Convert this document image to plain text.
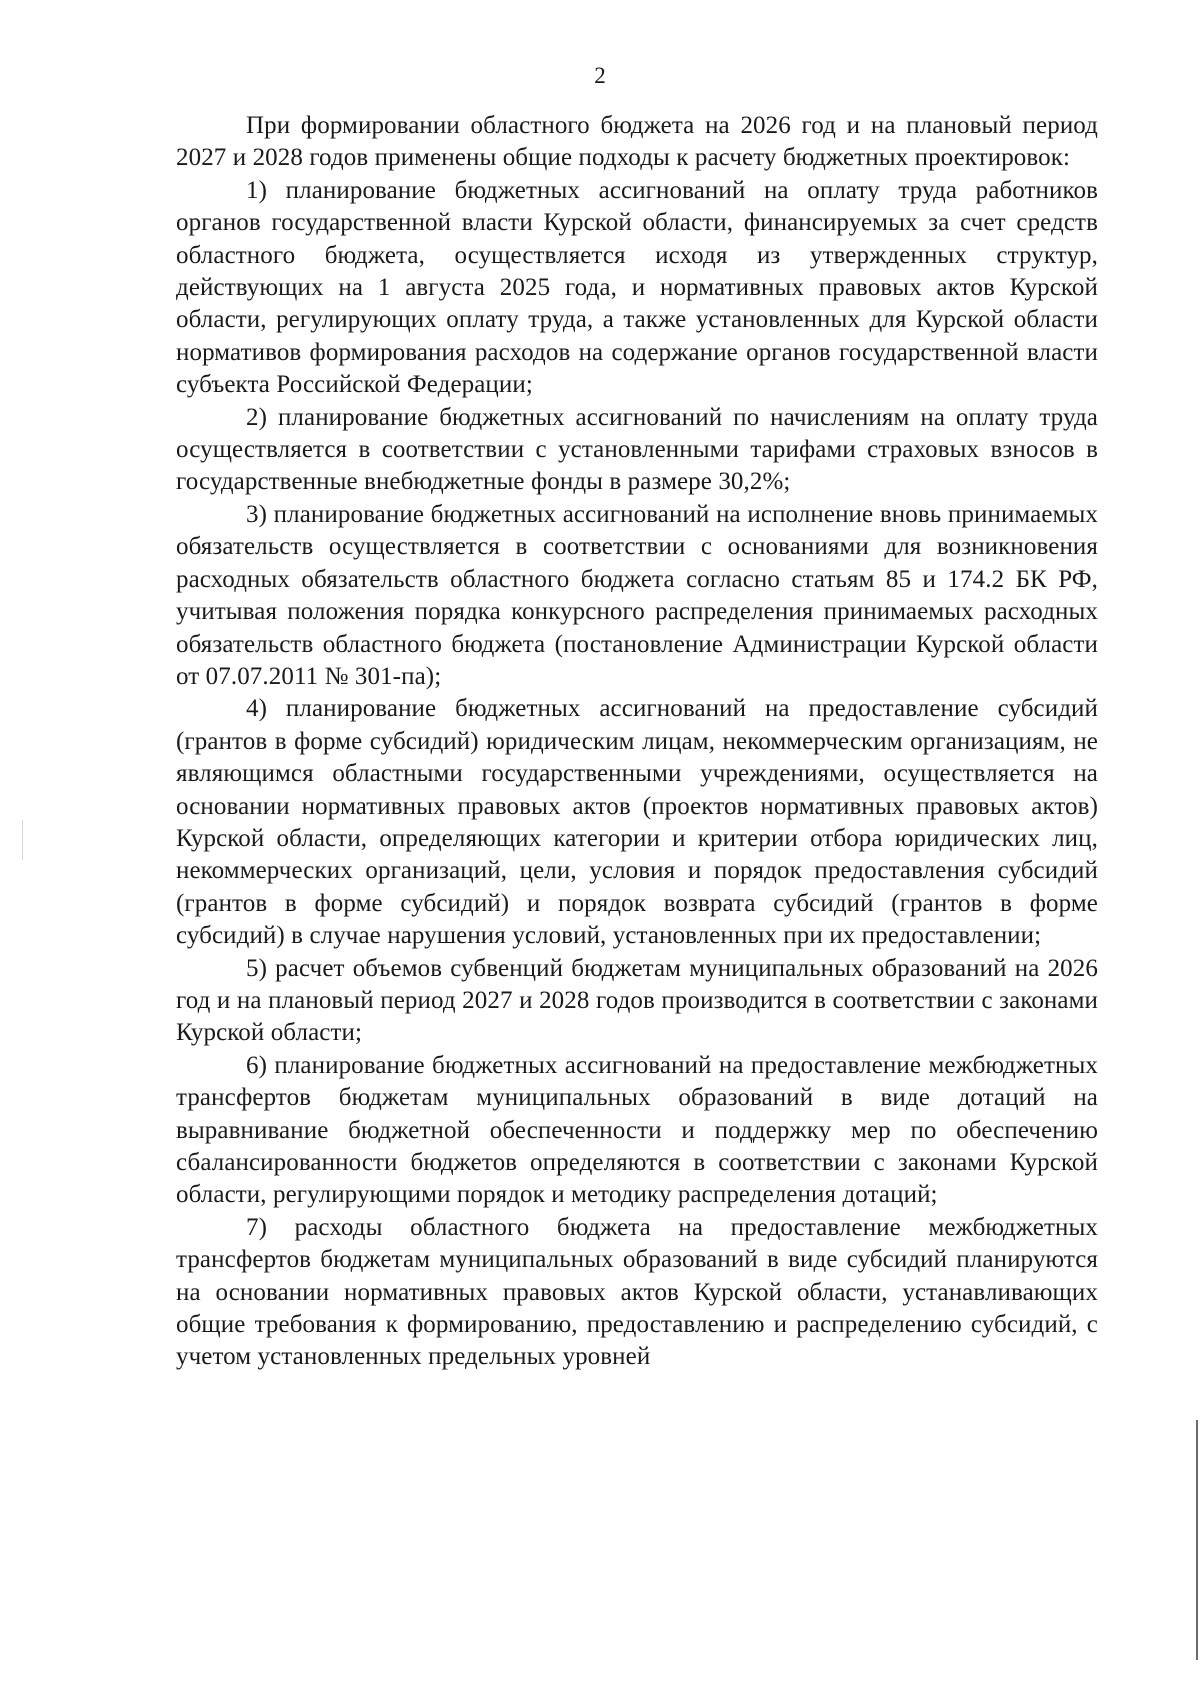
2

При формировании областного бюджета на 2026 год и на плановый период 2027 и 2028 годов применены общие подходы к расчету бюджетных проектировок:

1) планирование бюджетных ассигнований на оплату труда работников органов государственной власти Курской области, финансируемых за счет средств областного бюджета, осуществляется исходя из утвержденных структур, действующих на 1 августа 2025 года, и нормативных правовых актов Курской области, регулирующих оплату труда, а также установленных для Курской области нормативов формирования расходов на содержание органов государственной власти субъекта Российской Федерации;

2) планирование бюджетных ассигнований по начислениям на оплату труда осуществляется в соответствии с установленными тарифами страховых взносов в государственные внебюджетные фонды в размере 30,2%;

3) планирование бюджетных ассигнований на исполнение вновь принимаемых обязательств осуществляется в соответствии с основаниями для возникновения расходных обязательств областного бюджета согласно статьям 85 и 174.2 БК РФ, учитывая положения порядка конкурсного распределения принимаемых расходных обязательств областного бюджета (постановление Администрации Курской области от 07.07.2011 № 301-па);

4) планирование бюджетных ассигнований на предоставление субсидий (грантов в форме субсидий) юридическим лицам, некоммерческим организациям, не являющимся областными государственными учреждениями, осуществляется на основании нормативных правовых актов (проектов нормативных правовых актов) Курской области, определяющих категории и критерии отбора юридических лиц, некоммерческих организаций, цели, условия и порядок предоставления субсидий (грантов в форме субсидий) и порядок возврата субсидий (грантов в форме субсидий) в случае нарушения условий, установленных при их предоставлении;

5) расчет объемов субвенций бюджетам муниципальных образований на 2026 год и на плановый период 2027 и 2028 годов производится в соответствии с законами Курской области;

6) планирование бюджетных ассигнований на предоставление межбюджетных трансфертов бюджетам муниципальных образований в виде дотаций на выравнивание бюджетной обеспеченности и поддержку мер по обеспечению сбалансированности бюджетов определяются в соответствии с законами Курской области, регулирующими порядок и методику распределения дотаций;

7) расходы областного бюджета на предоставление межбюджетных трансфертов бюджетам муниципальных образований в виде субсидий планируются на основании нормативных правовых актов Курской области, устанавливающих общие требования к формированию, предоставлению и распределению субсидий, с учетом установленных предельных уровней
